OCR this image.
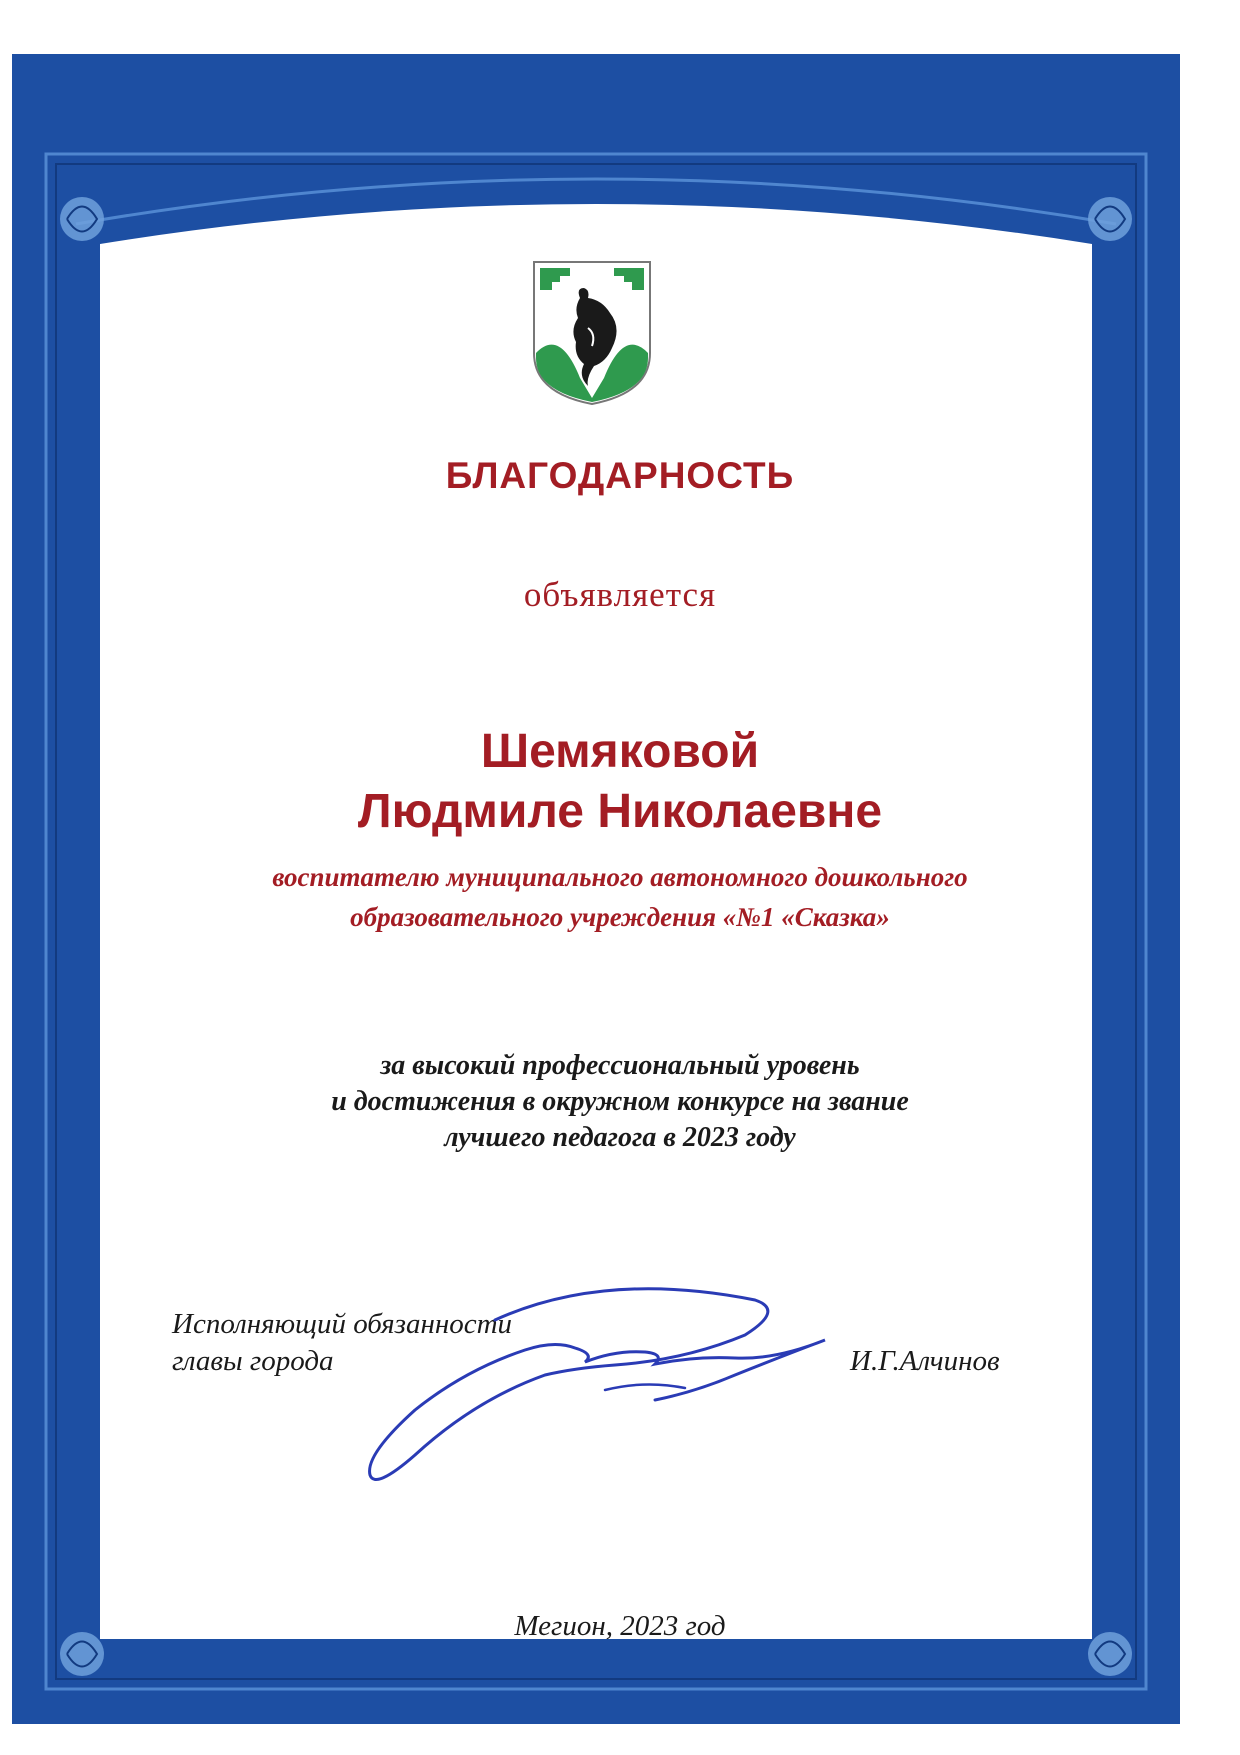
БЛАГОДАРНОСТЬ

объявляется

Шемяковой

Людмиле Николаевне

воспитателю муниципального автономного дошкольного

образовательного учреждения «№1 «Сказка»

за высокий профессиональный уровень

и достижения в окружном конкурсе на звание

лучшего педагога в 2023 году

Исполняющий обязанности

главы города	И.Г.Алчинов

Мегион, 2023 год
